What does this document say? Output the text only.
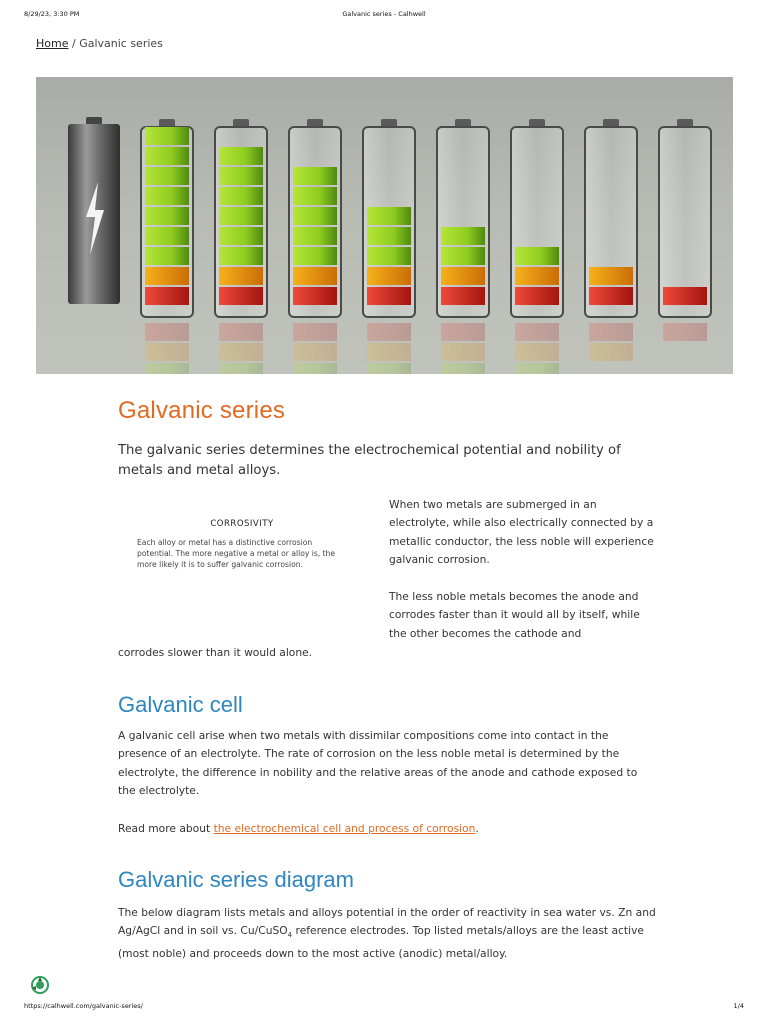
8/29/23, 3:30 PM	Galvanic series - Calhwell
Home / Galvanic series
Galvanic series

The galvanic series determines the electrochemical potential and nobility of metals and metal alloys.

CORROSIVITY
Each alloy or metal has a distinctive corrosion potential. The more negative a metal or alloy is, the more likely it is to suffer galvanic corrosion.

When two metals are submerged in an electrolyte, while also electrically connected by a metallic conductor, the less noble will experience galvanic corrosion.

The less noble metals becomes the anode and corrodes faster than it would all by itself, while the other becomes the cathode and

corrodes slower than it would alone.

Galvanic cell

A galvanic cell arise when two metals with dissimilar compositions come into contact in the presence of an electrolyte. The rate of corrosion on the less noble metal is determined by the electrolyte, the difference in nobility and the relative areas of the anode and cathode exposed to the electrolyte.

Read more about the electrochemical cell and process of corrosion.

Galvanic series diagram

The below diagram lists metals and alloys potential in the order of reactivity in sea water vs. Zn and Ag/AgCl and in soil vs. Cu/CuSO$_4$ reference electrodes. Top listed metals/alloys are the least active (most noble) and proceeds down to the most active (anodic) metal/alloy.

https://calhwell.com/galvanic-series/	1/4
